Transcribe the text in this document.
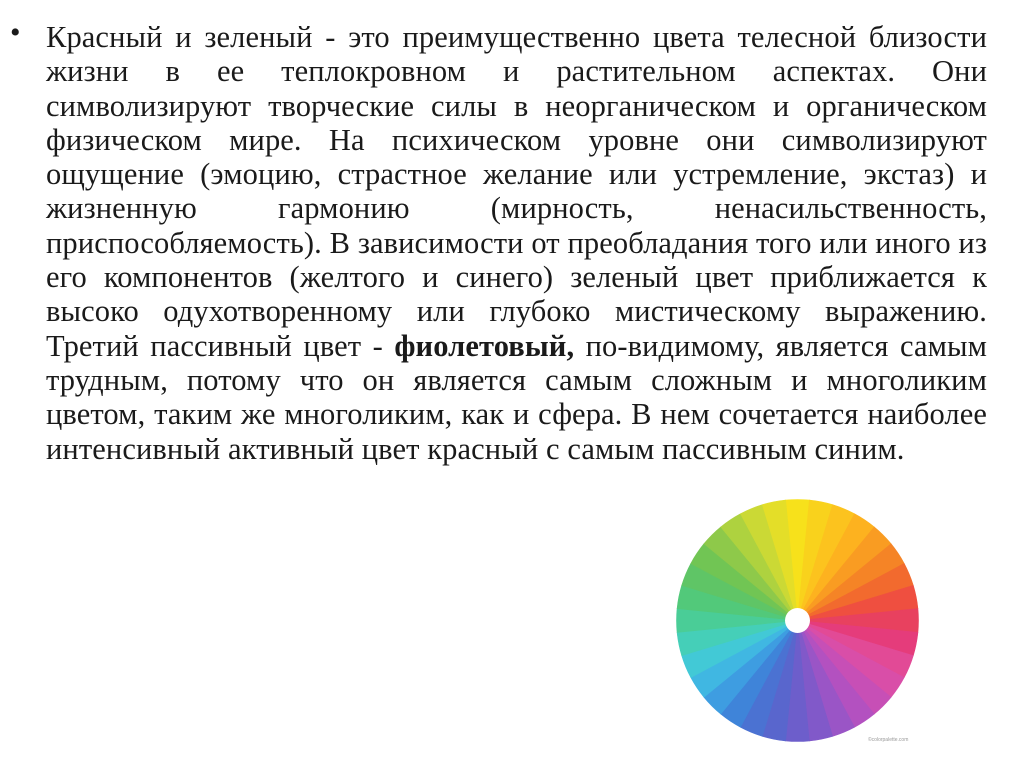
• Красный и зеленый - это преимущественно цвета телесной близости жизни в ее теплокровном и растительном аспектах. Они символизируют творческие силы в неорганическом и органическом физическом мире. На психическом уровне они символизируют ощущение (эмоцию, страстное желание или устремление, экстаз) и жизненную гармонию (мирность, ненасильственность, приспособляемость). В зависимости от преобладания того или иного из его компонентов (желтого и синего) зеленый цвет приближается к высоко одухотворенному или глубоко мистическому выражению. Третий пассивный цвет - фиолетовый, по-видимому, является самым трудным, потому что он является самым сложным и многоликим цветом, таким же многоликим, как и сфера. В нем сочетается наиболее интенсивный активный цвет красный с самым пассивным синим.

©colorpalette.com
